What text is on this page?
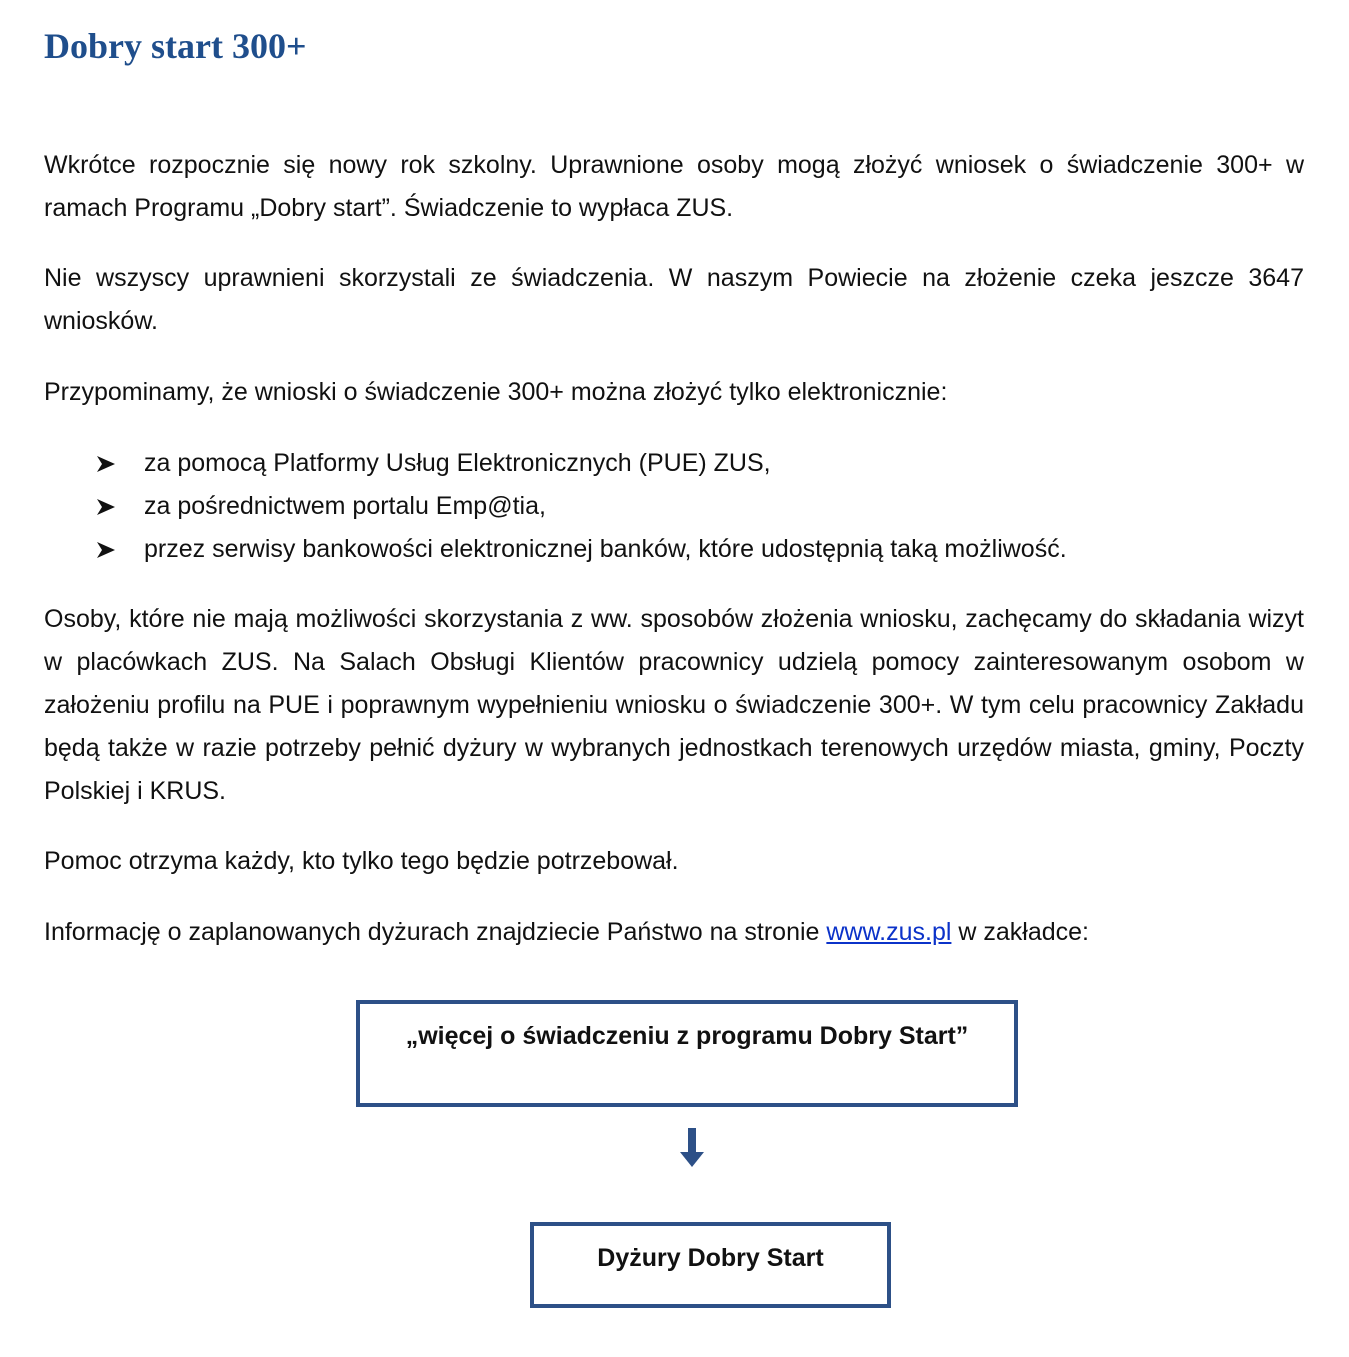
Dobry start 300+

Wkrótce rozpocznie się nowy rok szkolny. Uprawnione osoby mogą złożyć wniosek o świadczenie 300+ w ramach Programu „Dobry start”. Świadczenie to wypłaca ZUS.

Nie wszyscy uprawnieni skorzystali ze świadczenia. W naszym Powiecie na złożenie czeka jeszcze 3647 wniosków.

Przypominamy, że wnioski o świadczenie 300+ można złożyć tylko elektronicznie:

za pomocą Platformy Usług Elektronicznych (PUE) ZUS,
za pośrednictwem portalu Emp@tia,
przez serwisy bankowości elektronicznej banków, które udostępnią taką możliwość.

Osoby, które nie mają możliwości skorzystania z ww. sposobów złożenia wniosku, zachęcamy do składania wizyt w placówkach ZUS. Na Salach Obsługi Klientów pracownicy udzielą pomocy zainteresowanym osobom w założeniu profilu na PUE i poprawnym wypełnieniu wniosku o świadczenie 300+. W tym celu pracownicy Zakładu będą także w razie potrzeby pełnić dyżury w wybranych jednostkach terenowych urzędów miasta, gminy, Poczty Polskiej i KRUS.

Pomoc otrzyma każdy, kto tylko tego będzie potrzebował.

Informację o zaplanowanych dyżurach znajdziecie Państwo na stronie www.zus.pl w zakładce:

„więcej o świadczeniu z programu Dobry Start”
Dyżury Dobry Start
